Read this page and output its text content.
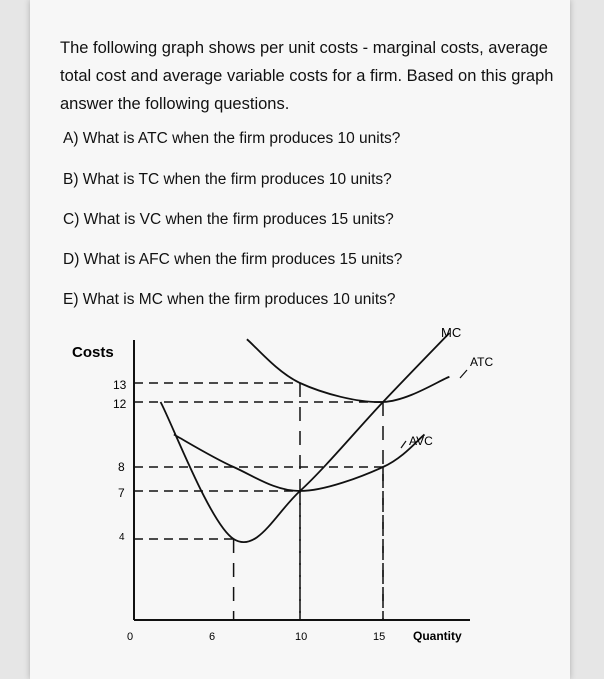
The following graph shows per unit costs - marginal costs, average total cost and average variable costs for a firm. Based on this graph answer the following questions.
A) What is ATC when the firm produces 10 units?
B) What is TC when the firm produces 10 units?
C) What is VC when the firm produces 15 units?
D) What is AFC when the firm produces 15 units?
E) What is MC when the firm produces 10 units?
Costs
Quantity
13
12
8
7
4
0	6	10	15
MC
ATC
AVC
